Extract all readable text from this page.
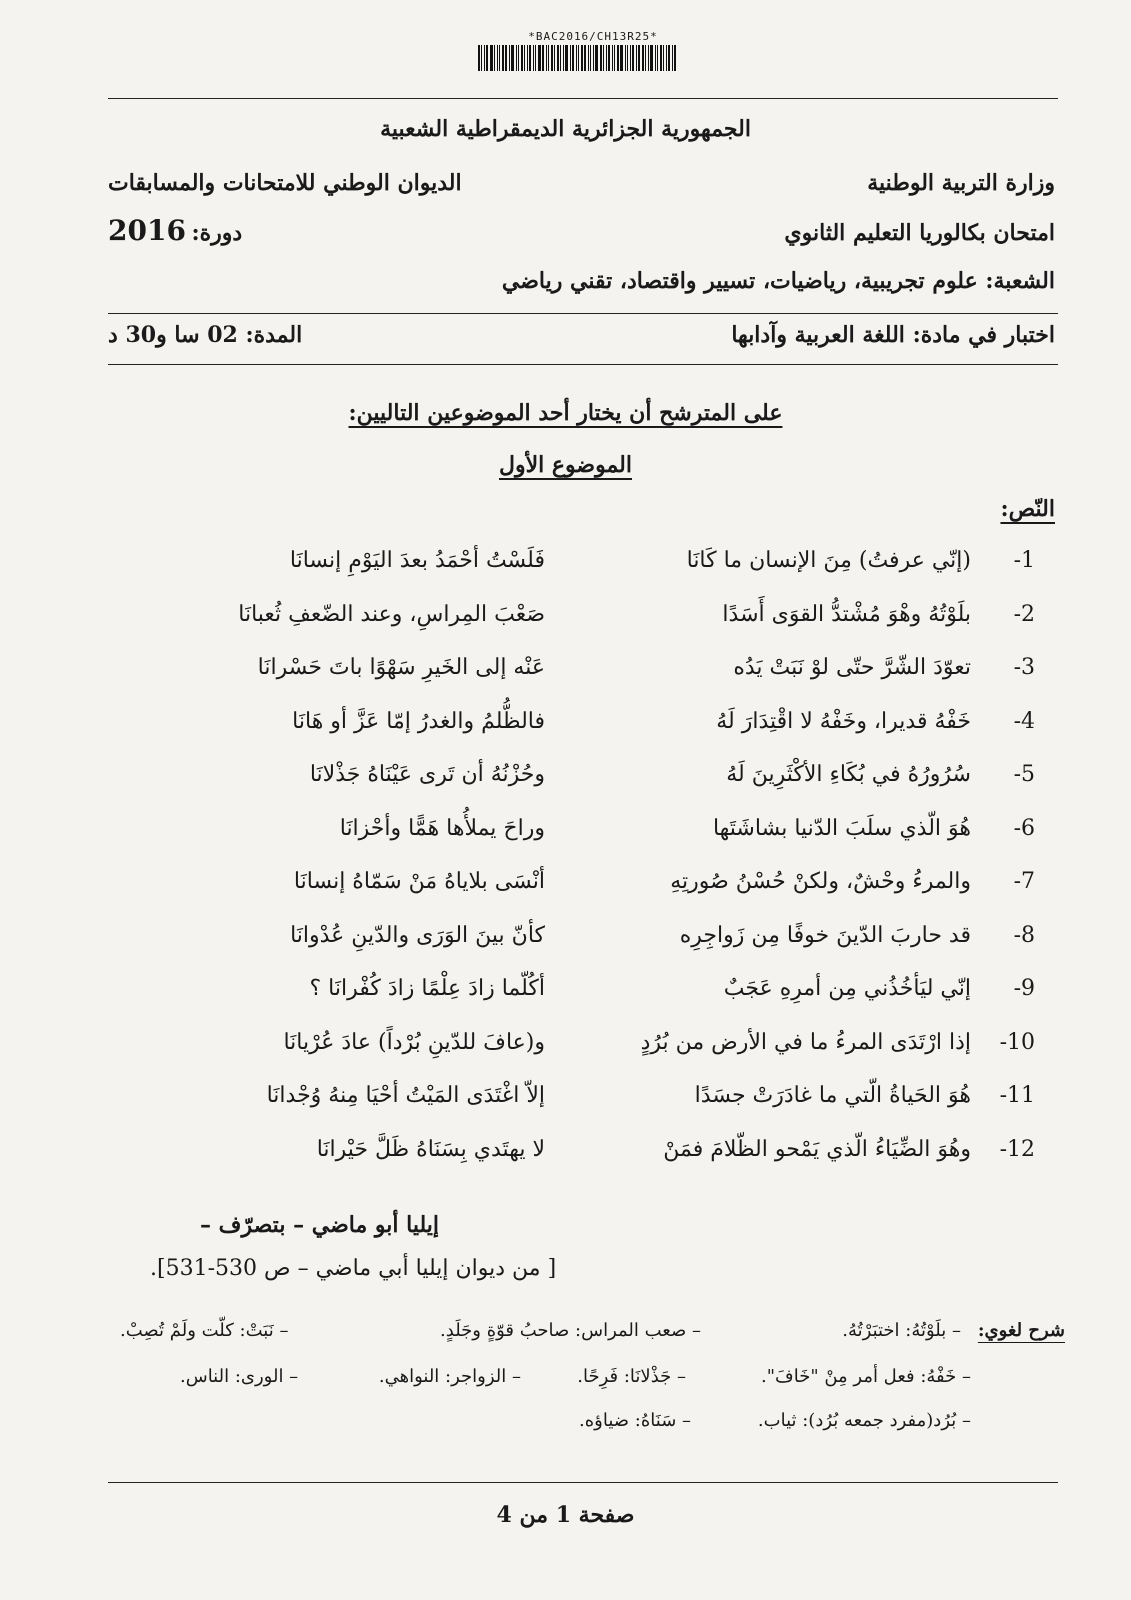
*BAC2016/CH13R25*
الجمهورية الجزائرية الديمقراطية الشعبية
وزارة التربية الوطنية
الديوان الوطني للامتحانات والمسابقات
امتحان بكالوريا التعليم الثانوي
دورة: 2016
الشعبة: علوم تجريبية، رياضيات، تسيير واقتصاد، تقني رياضي
اختبار في مادة: اللغة العربية وآدابها
المدة: 02 سا و30 د
على المترشح أن يختار أحد الموضوعين التاليين:
الموضوع الأول
النّص:
-1
(إنّي عرفتُ) مِنَ الإنسان ما كَانَا
فَلَسْتُ أحْمَدُ بعدَ اليَوْمِ إنسانَا
-2
بلَوْتُهُ وهْوَ مُشْتدُّ القوَى أَسَدًا
صَعْبَ المِراسِ، وعند الضّعفِ ثُعبانَا
-3
تعوّدَ الشّرَّ حتّى لوْ نَبَتْ يَدُه
عَنْه إلى الخَيرِ سَهْوًا باتَ حَسْرانَا
-4
خَفْهُ قديرا، وخَفْهُ لا اقْتِدَارَ لَهُ
فالظُّلمُ والغدرُ إمّا عَزَّ أو هَانَا
-5
سُرُورُهُ في بُكَاءِ الأكْثَرِينَ لَهُ
وحُزْنُهُ أن تَرى عَيْنَاهُ جَذْلانَا
-6
هُوَ الّذي سلَبَ الدّنيا بشاشَتَها
وراحَ يملأُها هَمًّا وأحْزانَا
-7
والمرءُ وحْشٌ، ولكنْ حُسْنُ صُورتِهِ
أنْسَى بلاياهُ مَنْ سَمّاهُ إنسانَا
-8
قد حاربَ الدّينَ خوفًا مِن زَواجِرِه
كأنّ بينَ الوَرَى والدّينِ عُدْوانَا
-9
إنّي ليَأخُذُني مِن أمرِهِ عَجَبٌ
أكُلّما زادَ عِلْمًا زادَ كُفْرانَا ؟
-10
إذا ارْتَدَى المرءُ ما في الأرض من بُرُدٍ
و(عافَ للدّينِ بُرْداً) عادَ عُرْيانَا
-11
هُوَ الحَياةُ الّتي ما غادَرَتْ جسَدًا
إلاّ اغْتَدَى المَيْتُ أحْيَا مِنهُ وُجْدانَا
-12
وهُوَ الضِّيَاءُ الّذي يَمْحو الظّلامَ فمَنْ
لا يهتَدي بِسَنَاهُ ظَلَّ حَيْرانَا
إيليا أبو ماضي – بتصرّف –
[ من ديوان إيليا أبي ماضي – ص 530-531].
شرح لغوي:
– بلَوْتُهُ: اختبَرْتُهُ.
– صعب المراس: صاحبُ قوّةٍ وجَلَدٍ.
– نَبَتْ: كلّت ولَمْ تُصِبْ.
– خَفْهُ: فعل أمر مِنْ "خَافَ".
– جَذْلانَا: فَرِحًا.
– الزواجر: النواهي.
– الورى: الناس.
– بُرُد(مفرد جمعه بُرُد): ثياب.
– سَنَاهُ: ضياؤه.
صفحة 1 من 4
